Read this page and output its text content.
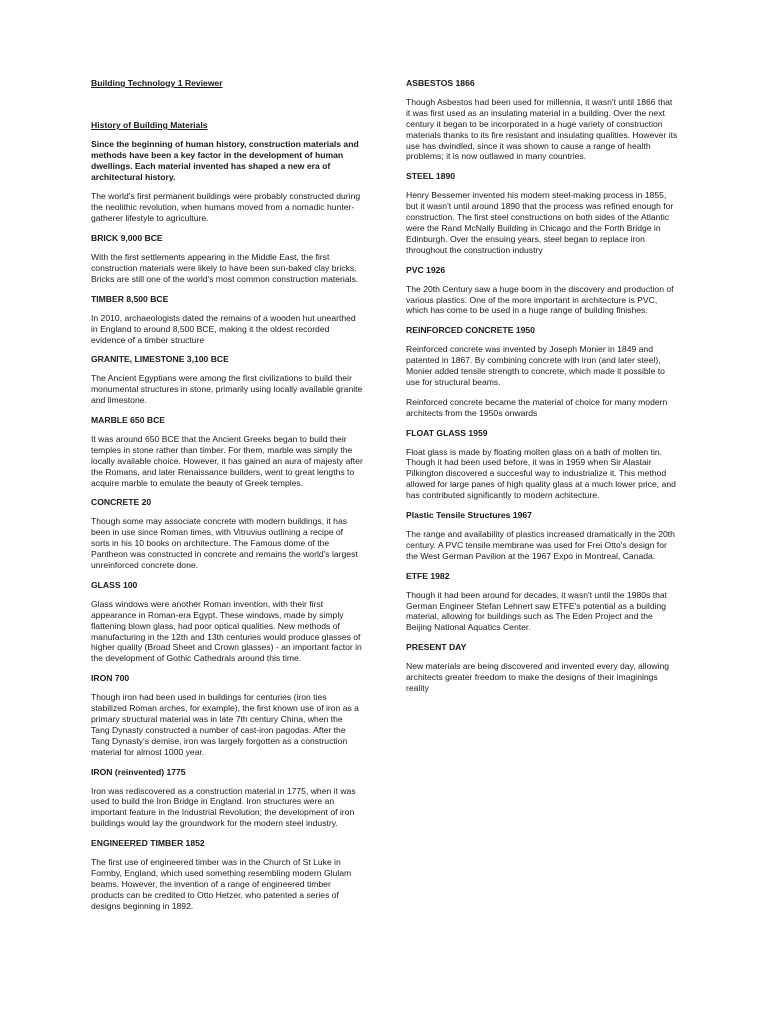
Building Technology 1 Reviewer
History of Building Materials
Since the beginning of human history, construction materials and methods have been a key factor in the development of human dwellings. Each material invented has shaped a new era of architectural history.
The world's first permanent buildings were probably constructed during the neolithic revolution, when humans moved from a nomadic hunter-gatherer lifestyle to agriculture.
BRICK 9,000 BCE
With the first settlements appearing in the Middle East, the first construction materials were likely to have been sun-baked clay bricks. Bricks are still one of the world's most common construction materials.
TIMBER 8,500 BCE
In 2010, archaeologists dated the remains of a wooden hut unearthed in England to around 8,500 BCE, making it the oldest recorded evidence of a timber structure
GRANITE, LIMESTONE 3,100 BCE
The Ancient Egyptians were among the first civilizations to build their monumental structures in stone, primarily using locally available granite and limestone.
MARBLE 650 BCE
It was around 650 BCE that the Ancient Greeks began to build their temples in stone rather than timber. For them, marble was simply the locally available choice. However, it has gained an aura of majesty after the Romans, and later Renaissance builders, went to great lengths to acquire marble to emulate the beauty of Greek temples.
CONCRETE 20
Though some may associate concrete with modern buildings, it has been in use since Roman times, with Vitruvius outlining a recipe of sorts in his 10 books on architecture. The Famous dome of the Pantheon was constructed in concrete and remains the world's largest unreinforced concrete done.
GLASS 100
Glass windows were another Roman invention, with their first appearance in Roman-era Egypt. These windows, made by simply flattening blown glass, had poor optical qualities. New methods of manufacturing in the 12th and 13th centuries would produce glasses of higher quality (Broad Sheet and Crown glasses) - an important factor in the development of Gothic Cathedrals around this time.
IRON 700
Though iron had been used in buildings for centuries (iron ties stabilized Roman arches, for example), the first known use of iron as a primary structural material was in late 7th century China, when the Tang Dynasty constructed a number of cast-iron pagodas. After the Tang Dynasty's demise, iron was largely forgotten as a construction material for almost 1000 year.
IRON (reinvented) 1775
Iron was rediscovered as a construction material in 1775, when it was used to build the Iron Bridge in England. Iron structures were an important feature in the Industrial Revolution; the development of iron buildings would lay the groundwork for the modern steel industry.
ENGINEERED TIMBER 1852
The first use of engineered timber was in the Church of St Luke in Formby, England, which used something resembling modern Glulam beams. However, the invention of a range of engineered timber products can be credited to Otto Hetzer, who patented a series of designs beginning in 1892.
ASBESTOS 1866
Though Asbestos had been used for millennia, it wasn't until 1866 that it was first used as an insulating material in a building. Over the next century it began to be incorporated in a huge variety of construction materials thanks to its fire resistant and insulating qualities. However its use has dwindled, since it was shown to cause a range of health problems; it is now outlawed in many countries.
STEEL 1890
Henry Bessemer invented his modern steel-making process in 1855, but it wasn't until around 1890 that the process was refined enough for construction. The first steel constructions on both sides of the Atlantic were the Rand McNally Building in Chicago and the Forth Bridge in Edinburgh. Over the ensuing years, steel began to replace iron throughout the construction industry
PVC 1926
The 20th Century saw a huge boom in the discovery and production of various plastics. One of the more important in architecture is PVC, which has come to be used in a huge range of building finishes.
REINFORCED CONCRETE 1950
Reinforced concrete was invented by Joseph Monier in 1849 and patented in 1867. By combining concrete with iron (and later steel), Monier added tensile strength to concrete, which made it possible to use for structural beams.
Reinforced concrete became the material of choice for many modern architects from the 1950s onwards
FLOAT GLASS 1959
Float glass is made by floating molten glass on a bath of molten tin. Though it had been used before, it was in 1959 when Sir Alastair Pilkington discovered a succesful way to industrialize it. This method allowed for large panes of high quality glass at a much lower price, and has contributed significantly to modern achitecture.
Plastic Tensile Structures 1967
The range and availability of plastics increased dramatically in the 20th century. A PVC tensile membrane was used for Frei Otto's design for the West German Pavilion at the 1967 Expo in Montreal, Canada.
ETFE 1982
Though it had been around for decades, it wasn't until the 1980s that German Engineer Stefan Lehnert saw ETFE's potential as a building material, allowing for buildings such as The Eden Project and the Beijing National Aquatics Center.
PRESENT DAY
New materials are being discovered and invented every day, allowing architects greater freedom to make the designs of their imaginings reality
